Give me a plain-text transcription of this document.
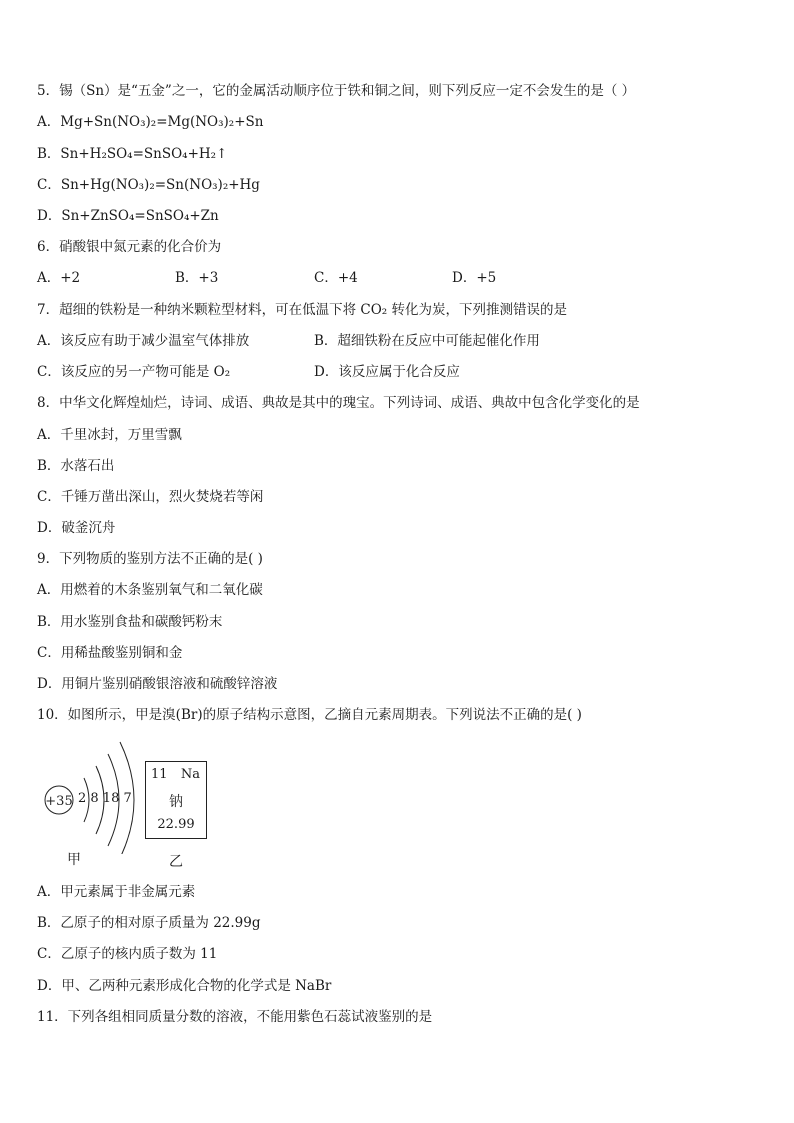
5．锡（Sn）是“五金”之一，它的金属活动顺序位于铁和铜之间，则下列反应一定不会发生的是（ ）
A．Mg+Sn(NO₃)₂=Mg(NO₃)₂+Sn
B．Sn+H₂SO₄=SnSO₄+H₂↑
C．Sn+Hg(NO₃)₂=Sn(NO₃)₂+Hg
D．Sn+ZnSO₄=SnSO₄+Zn
6．硝酸银中氮元素的化合价为
A．+2	B．+3	C．+4	D．+5
7．超细的铁粉是一种纳米颗粒型材料，可在低温下将 CO₂ 转化为炭，下列推测错误的是
A．该反应有助于减少温室气体排放	B．超细铁粉在反应中可能起催化作用
C．该反应的另一产物可能是 O₂	D．该反应属于化合反应
8．中华文化辉煌灿烂，诗词、成语、典故是其中的瑰宝。下列诗词、成语、典故中包含化学变化的是
A．千里冰封，万里雪飘
B．水落石出
C．千锤万凿出深山，烈火焚烧若等闲
D．破釜沉舟
9．下列物质的鉴别方法不正确的是( )
A．用燃着的木条鉴别氧气和二氧化碳
B．用水鉴别食盐和碳酸钙粉末
C．用稀盐酸鉴别铜和金
D．用铜片鉴别硝酸银溶液和硫酸锌溶液
10．如图所示，甲是溴(Br)的原子结构示意图，乙摘自元素周期表。下列说法不正确的是( )
+35 2 8 18 7
11 Na
钠
22.99
甲	乙
A．甲元素属于非金属元素
B．乙原子的相对原子质量为 22.99g
C．乙原子的核内质子数为 11
D．甲、乙两种元素形成化合物的化学式是 NaBr
11．下列各组相同质量分数的溶液，不能用紫色石蕊试液鉴别的是
